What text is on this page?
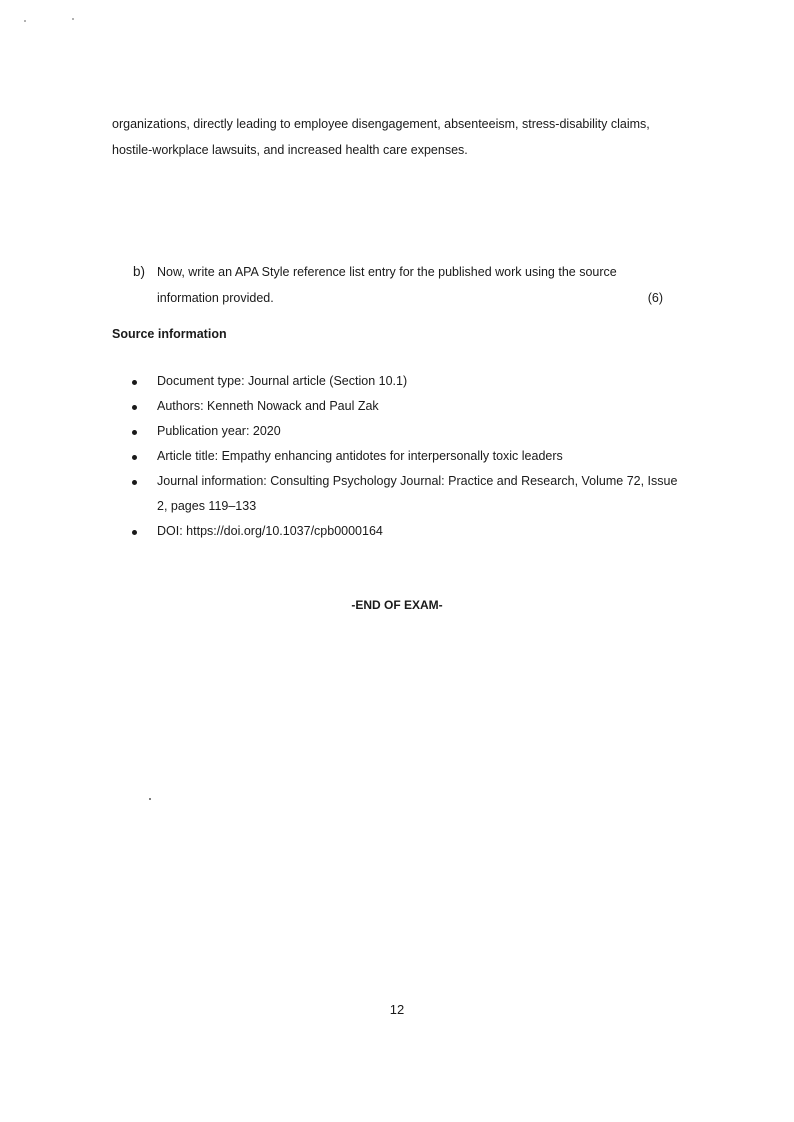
organizations, directly leading to employee disengagement, absenteeism, stress-disability claims,

hostile-workplace lawsuits, and increased health care expenses.

b) Now, write an APA Style reference list entry for the published work using the source
information provided.	(6)
Source information
Document type: Journal article (Section 10.1)
Authors: Kenneth Nowack and Paul Zak
Publication year: 2020
Article title: Empathy enhancing antidotes for interpersonally toxic leaders
Journal information: Consulting Psychology Journal: Practice and Research, Volume 72, Issue
2, pages 119–133
DOI: https://doi.org/10.1037/cpb0000164
-END OF EXAM-
12
